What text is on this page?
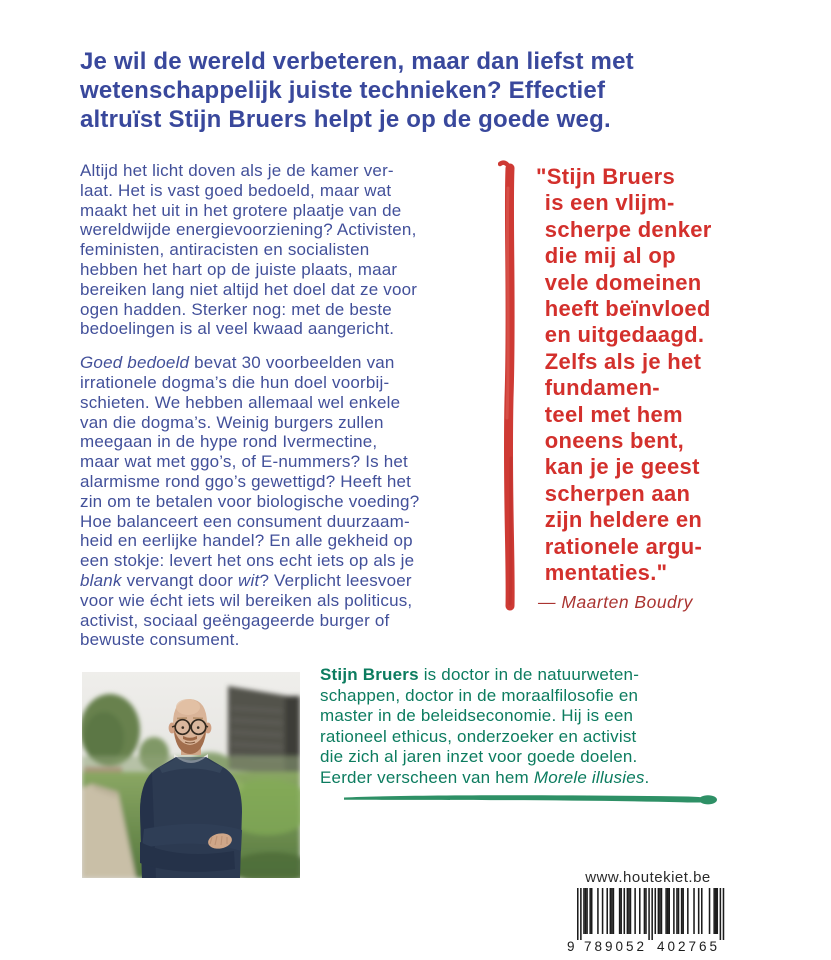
Je wil de wereld verbeteren, maar dan liefst met
wetenschappelijk juiste technieken? Effectief
altruïst Stijn Bruers helpt je op de goede weg.

Altijd het licht doven als je de kamer ver-
laat. Het is vast goed bedoeld, maar wat
maakt het uit in het grotere plaatje van de
wereldwijde energievoorziening? Activisten,
feministen, antiracisten en socialisten
hebben het hart op de juiste plaats, maar
bereiken lang niet altijd het doel dat ze voor
ogen hadden. Sterker nog: met de beste
bedoelingen is al veel kwaad aangericht.

Goed bedoeld bevat 30 voorbeelden van
irrationele dogma’s die hun doel voorbij-
schieten. We hebben allemaal wel enkele
van die dogma’s. Weinig burgers zullen
meegaan in de hype rond Ivermectine,
maar wat met ggo’s, of E-nummers? Is het
alarmisme rond ggo’s gewettigd? Heeft het
zin om te betalen voor biologische voeding?
Hoe balanceert een consument duurzaam-
heid en eerlijke handel? En alle gekheid op
een stokje: levert het ons echt iets op als je
blank vervangt door wit? Verplicht leesvoer
voor wie écht iets wil bereiken als politicus,
activist, sociaal geëngageerde burger of
bewuste consument.

"Stijn Bruers
is een vlijm-
scherpe denker
die mij al op
vele domeinen
heeft beïnvloed
en uitgedaagd.
Zelfs als je het
fundamen-
teel met hem
oneens bent,
kan je je geest
scherpen aan
zijn heldere en
rationele argu-
mentaties."
— Maarten Boudry
Stijn Bruers is doctor in de natuurweten-
schappen, doctor in de moraalfilosofie en
master in de beleidseconomie. Hij is een
rationeel ethicus, onderzoeker en activist
die zich al jaren inzet voor goede doelen.
Eerder verscheen van hem Morele illusies.
www.houtekiet.be
9 789052 402765
